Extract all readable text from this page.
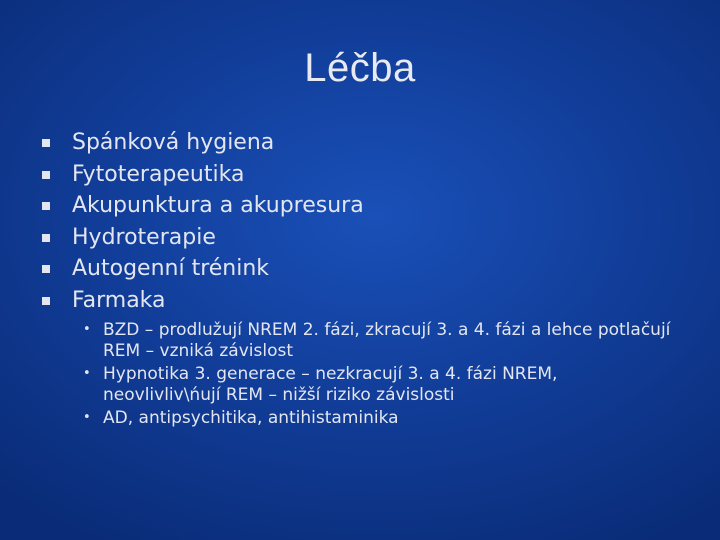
Léčba
Spánková hygiena
Fytoterapeutika
Akupunktura a akupresura
Hydroterapie
Autogenní trénink
Farmaka
• BZD – prodlužují NREM 2. fázi, zkracují 3. a 4. fázi a lehce potlačují REM – vzniká závislost
• Hypnotika 3. generace – nezkracují 3. a 4. fázi NREM, neovlivliv\ńují REM – nižší riziko závislosti
• AD, antipsychitika, antihistaminika
